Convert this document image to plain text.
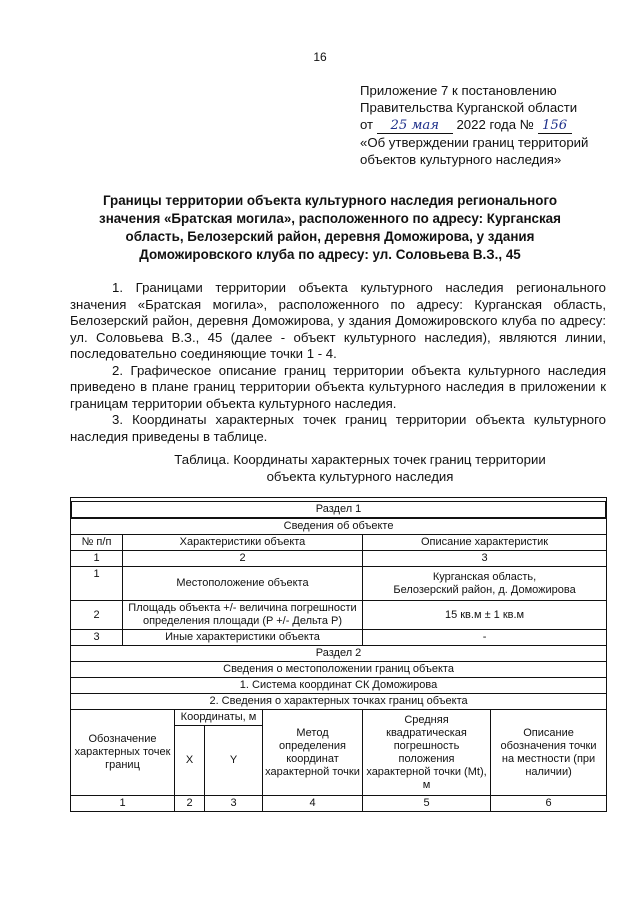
16
Приложение 7 к постановлению
Правительства Курганской области
от 25 мая 2022 года № 156
«Об утверждении границ территорий
объектов культурного наследия»
Границы территории объекта культурного наследия регионального
значения «Братская могила», расположенного по адресу: Курганская
область, Белозерский район, деревня Доможирова, у здания
Доможировского клуба по адресу: ул. Соловьева В.З., 45

1. Границами территории объекта культурного наследия регионального значения «Братская могила», расположенного по адресу: Курганская область, Белозерский район, деревня Доможирова, у здания Доможировского клуба по адресу: ул. Соловьева В.З., 45 (далее - объект культурного наследия), являются линии, последовательно соединяющие точки 1 - 4.

2. Графическое описание границ территории объекта культурного наследия приведено в плане границ территории объекта культурного наследия в приложении к границам территории объекта культурного наследия.

3. Координаты характерных точек границ территории объекта культурного наследия приведены в таблице.

Таблица. Координаты характерных точек границ территории
объекта культурного наследия
Раздел 1						

Сведения об объекте						
№ п/п	Характеристики объекта				Описание характеристик	
1	2				3	
1	Местоположение объекта				Курганская область,
Белозерский район, д. Доможирова	

2	Площадь объекта +/- величина погрешности
определения площади (P +/- Дельта P)				15 кв.м ± 1 кв.м	
3	Иные характеристики объекта				-	
Раздел 2						
Сведения о местоположении границ объекта						
1. Система координат СК Доможирова						
2. Сведения о характерных точках границ объекта						
Обозначение характерных точек границ		Координаты, м		Метод определения координат характерной точки	Средняя квадратическая погрешность положения характерной точки (Mt), м	Описание обозначения точки на местности (при наличии)
		X	Y			
1		2	3	4	5	6
